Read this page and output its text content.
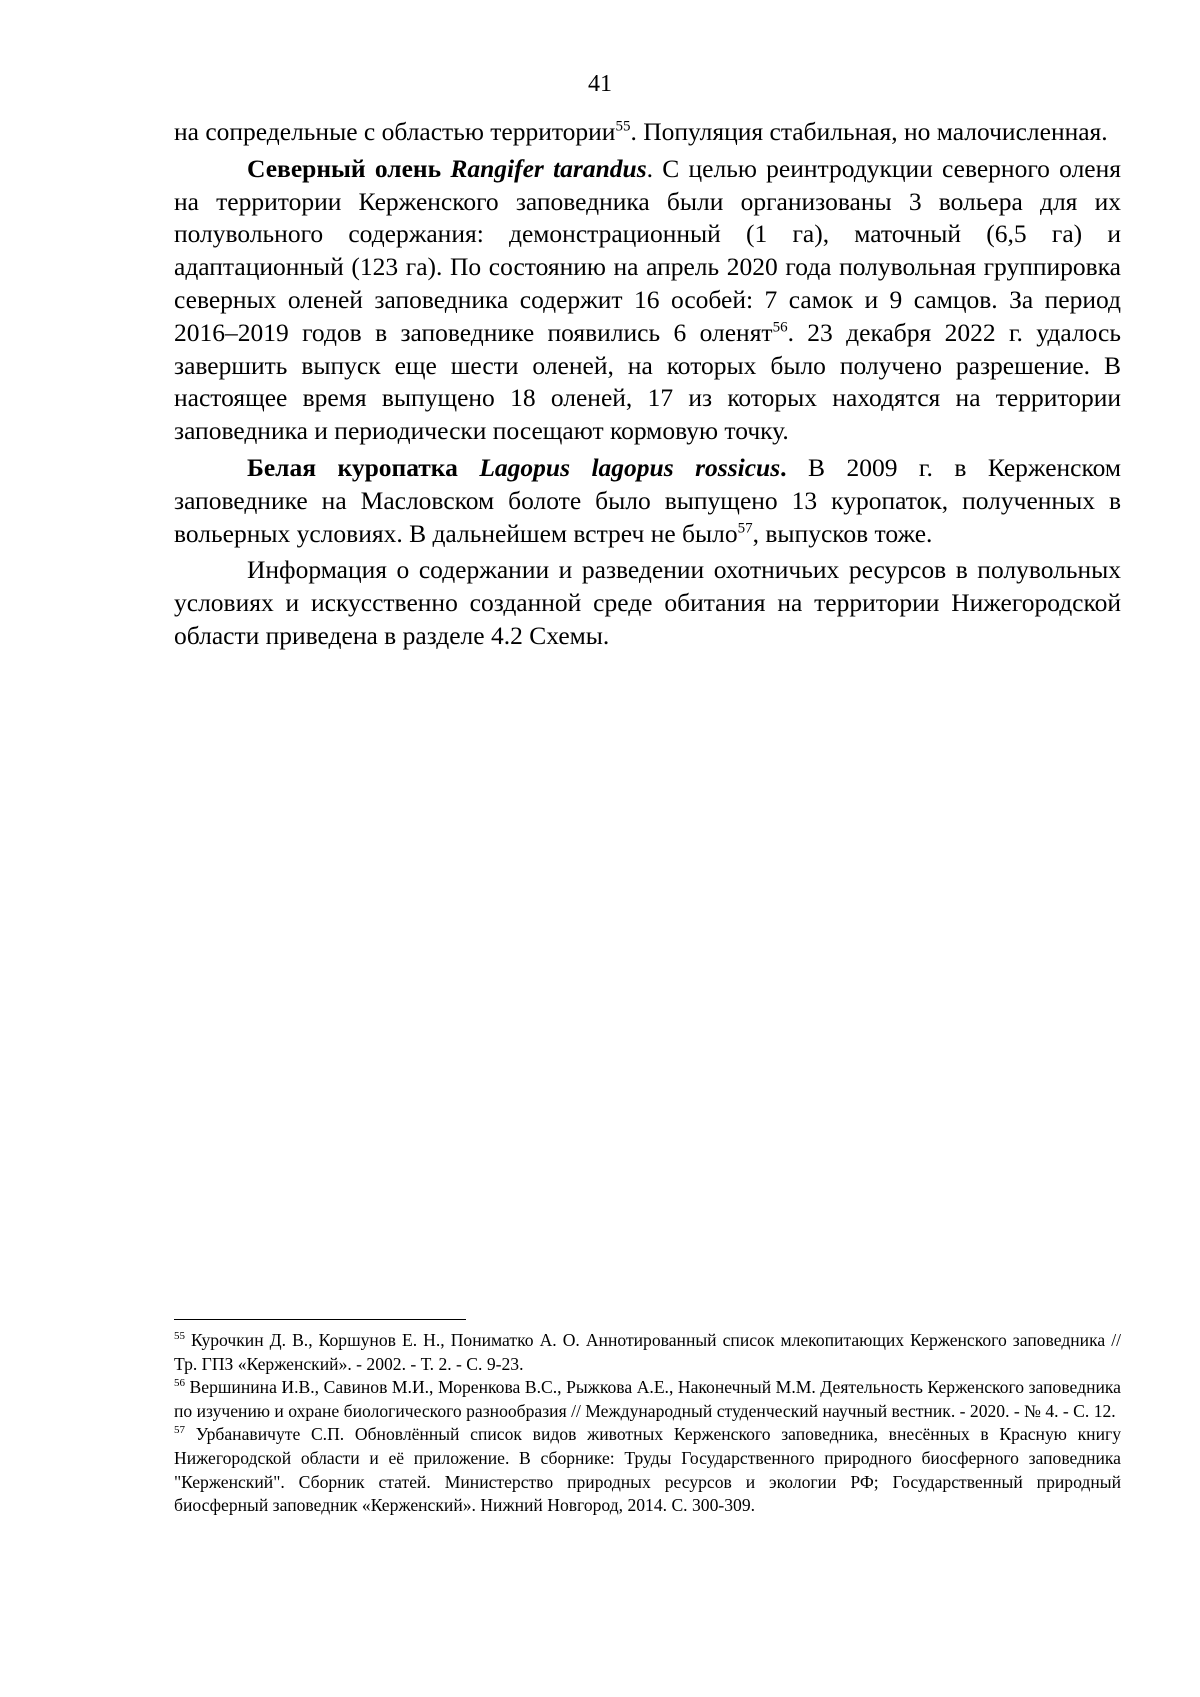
41

на сопредельные с областью территории$^{55}$. Популяция стабильная, но малочисленная.

Северный олень Rangifer tarandus. С целью реинтродукции северного оленя на территории Керженского заповедника были организованы 3 вольера для их полувольного содержания: демонстрационный (1 га), маточный (6,5 га) и адаптационный (123 га). По состоянию на апрель 2020 года полувольная группировка северных оленей заповедника содержит 16 особей: 7 самок и 9 самцов. За период 2016–2019 годов в заповеднике появились 6 оленят$^{56}$. 23 декабря 2022 г. удалось завершить выпуск еще шести оленей, на которых было получено разрешение. В настоящее время выпущено 18 оленей, 17 из которых находятся на территории заповедника и периодически посещают кормовую точку.

Белая куропатка Lagopus lagopus rossicus. В 2009 г. в Керженском заповеднике на Масловском болоте было выпущено 13 куропаток, полученных в вольерных условиях. В дальнейшем встреч не было$^{57}$, выпусков тоже.

Информация о содержании и разведении охотничьих ресурсов в полувольных условиях и искусственно созданной среде обитания на территории Нижегородской области приведена в разделе 4.2 Схемы.

$^{55}$ Курочкин Д. В., Коршунов Е. Н., Пониматко А. О. Аннотированный список млекопитающих Керженского заповедника // Тр. ГПЗ «Керженский». - 2002. - Т. 2. - С. 9-23.

$^{56}$ Вершинина И.В., Савинов М.И., Моренкова В.С., Рыжкова А.Е., Наконечный М.М. Деятельность Керженского заповедника по изучению и охране биологического разнообразия // Международный студенческий научный вестник. - 2020. - № 4. - С. 12.

$^{57}$ Урбанавичуте С.П. Обновлённый список видов животных Керженского заповедника, внесённых в Красную книгу Нижегородской области и её приложение. В сборнике: Труды Государственного природного биосферного заповедника "Керженский". Сборник статей. Министерство природных ресурсов и экологии РФ; Государственный природный биосферный заповедник «Керженский». Нижний Новгород, 2014. С. 300-309.
